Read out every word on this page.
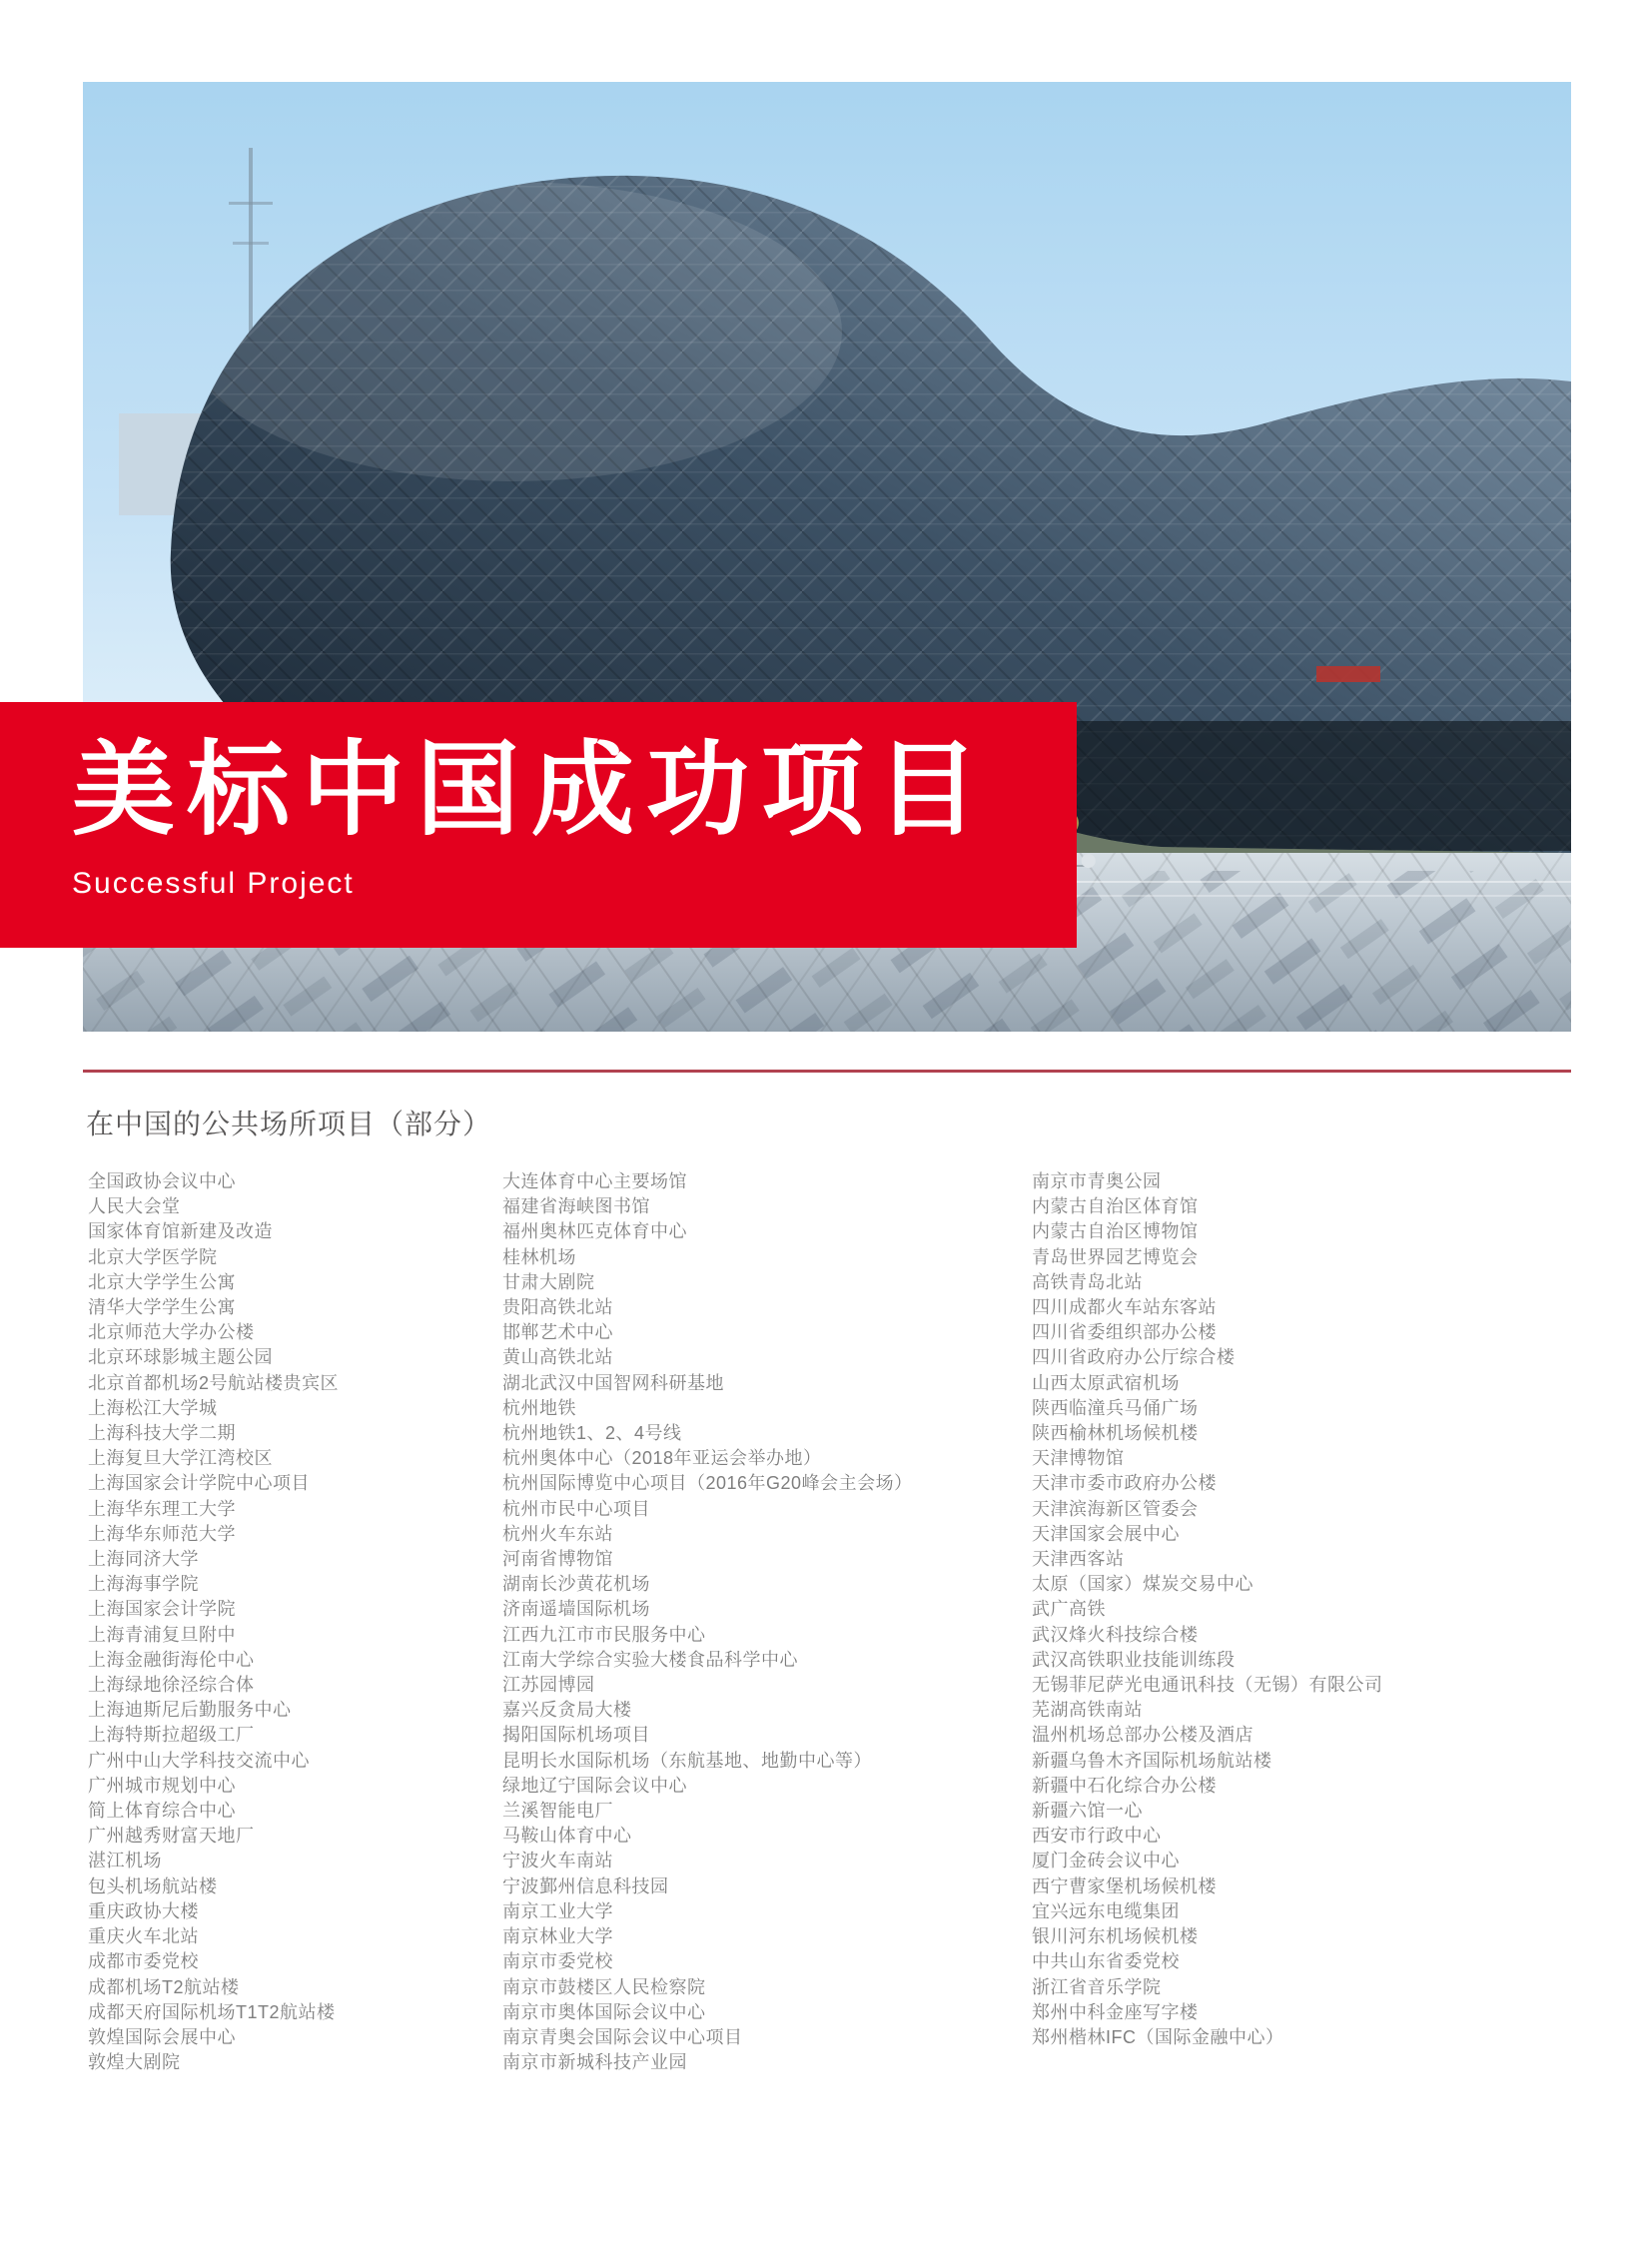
美标中国成功项目

Successful Project

在中国的公共场所项目（部分）
全国政协会议中心
人民大会堂
国家体育馆新建及改造
北京大学医学院
北京大学学生公寓
清华大学学生公寓
北京师范大学办公楼
北京环球影城主题公园
北京首都机场2号航站楼贵宾区
上海松江大学城
上海科技大学二期
上海复旦大学江湾校区
上海国家会计学院中心项目
上海华东理工大学
上海华东师范大学
上海同济大学
上海海事学院
上海国家会计学院
上海青浦复旦附中
上海金融街海伦中心
上海绿地徐泾综合体
上海迪斯尼后勤服务中心
上海特斯拉超级工厂
广州中山大学科技交流中心
广州城市规划中心
简上体育综合中心
广州越秀财富天地厂
湛江机场
包头机场航站楼
重庆政协大楼
重庆火车北站
成都市委党校
成都机场T2航站楼
成都天府国际机场T1T2航站楼
敦煌国际会展中心
敦煌大剧院
大连体育中心主要场馆
福建省海峡图书馆
福州奥林匹克体育中心
桂林机场
甘肃大剧院
贵阳高铁北站
邯郸艺术中心
黄山高铁北站
湖北武汉中国智网科研基地
杭州地铁
杭州地铁1、2、4号线
杭州奥体中心（2018年亚运会举办地）
杭州国际博览中心项目（2016年G20峰会主会场）
杭州市民中心项目
杭州火车东站
河南省博物馆
湖南长沙黄花机场
济南遥墙国际机场
江西九江市市民服务中心
江南大学综合实验大楼食品科学中心
江苏园博园
嘉兴反贪局大楼
揭阳国际机场项目
昆明长水国际机场（东航基地、地勤中心等）
绿地辽宁国际会议中心
兰溪智能电厂
马鞍山体育中心
宁波火车南站
宁波鄞州信息科技园
南京工业大学
南京林业大学
南京市委党校
南京市鼓楼区人民检察院
南京市奥体国际会议中心
南京青奥会国际会议中心项目
南京市新城科技产业园
南京市青奥公园
内蒙古自治区体育馆
内蒙古自治区博物馆
青岛世界园艺博览会
高铁青岛北站
四川成都火车站东客站
四川省委组织部办公楼
四川省政府办公厅综合楼
山西太原武宿机场
陕西临潼兵马俑广场
陕西榆林机场候机楼
天津博物馆
天津市委市政府办公楼
天津滨海新区管委会
天津国家会展中心
天津西客站
太原（国家）煤炭交易中心
武广高铁
武汉烽火科技综合楼
武汉高铁职业技能训练段
无锡菲尼萨光电通讯科技（无锡）有限公司
芜湖高铁南站
温州机场总部办公楼及酒店
新疆乌鲁木齐国际机场航站楼
新疆中石化综合办公楼
新疆六馆一心
西安市行政中心
厦门金砖会议中心
西宁曹家堡机场候机楼
宜兴远东电缆集团
银川河东机场候机楼
中共山东省委党校
浙江省音乐学院
郑州中科金座写字楼
郑州楷林IFC（国际金融中心）
